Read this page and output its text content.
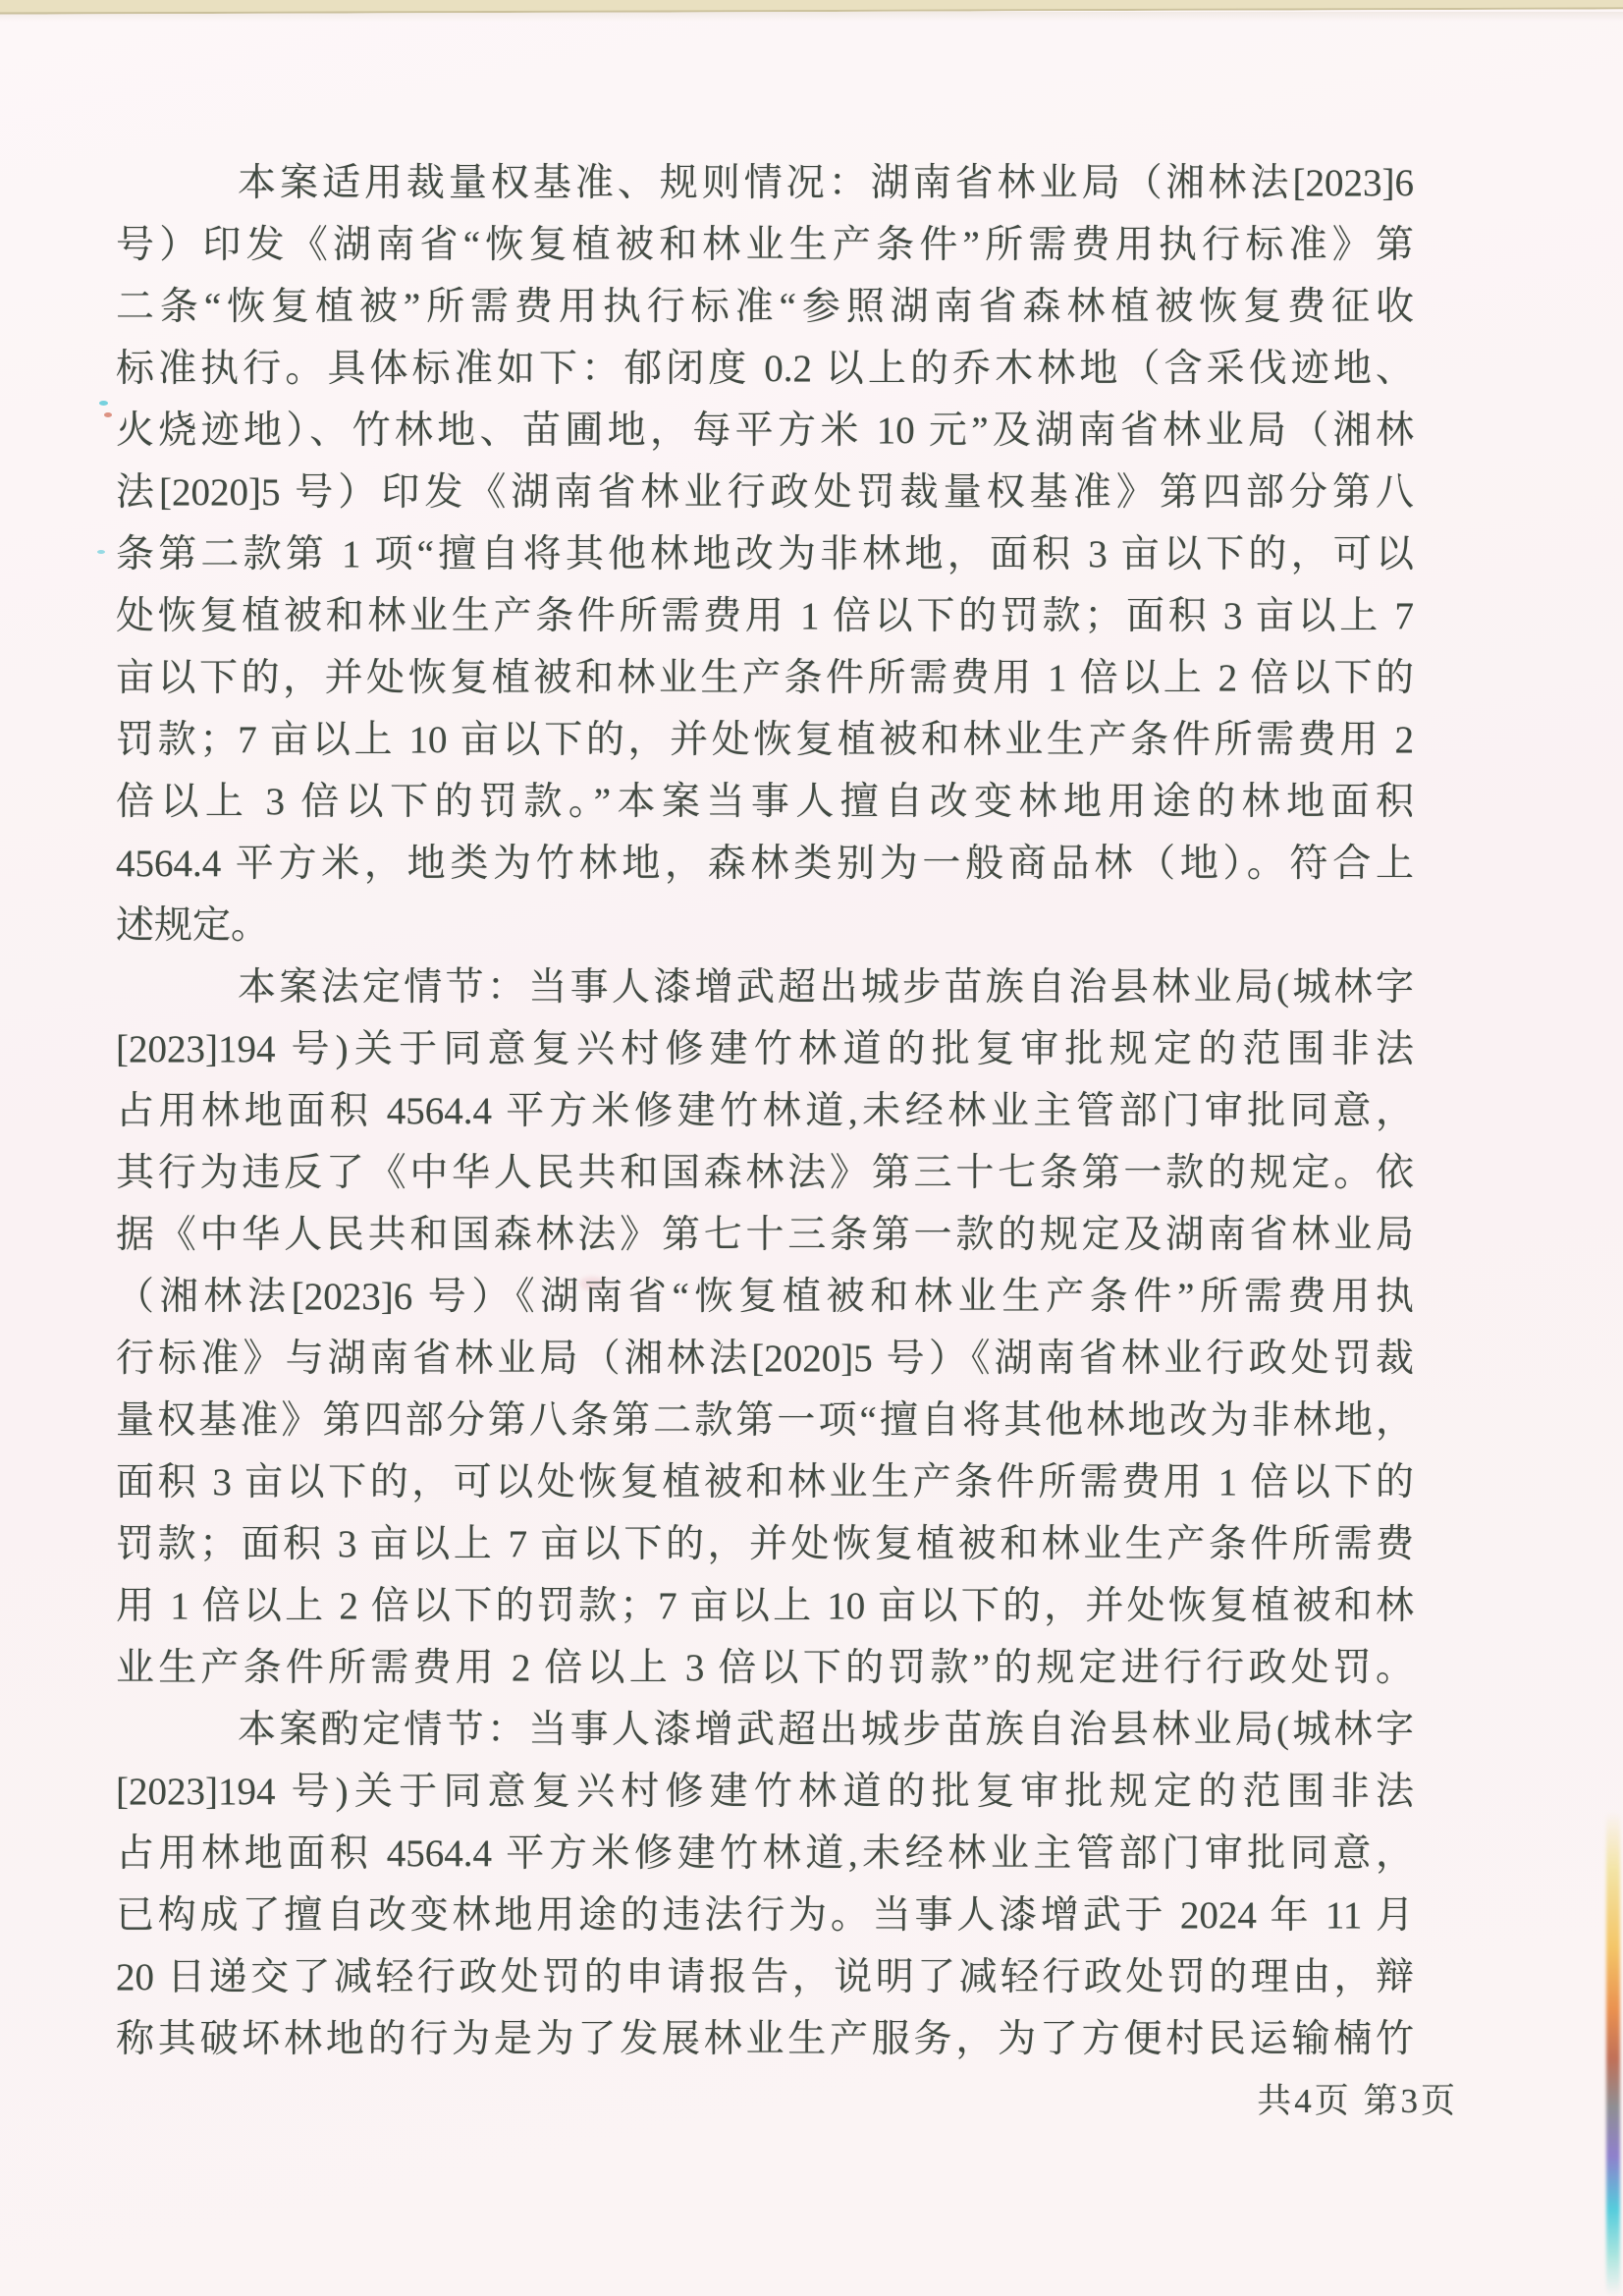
本案适用裁量权基准、规则情况：湖南省林业局（湘林法[2023]6
号）印发《湖南省“恢复植被和林业生产条件”所需费用执行标准》第
二条“恢复植被”所需费用执行标准“参照湖南省森林植被恢复费征收
标准执行。具体标准如下：郁闭度 0.2 以上的乔木林地（含采伐迹地、
火烧迹地）、竹林地、苗圃地，每平方米 10 元”及湖南省林业局（湘林
法[2020]5 号）印发《湖南省林业行政处罚裁量权基准》第四部分第八
条第二款第 1 项“擅自将其他林地改为非林地，面积 3 亩以下的，可以
处恢复植被和林业生产条件所需费用 1 倍以下的罚款；面积 3 亩以上 7
亩以下的，并处恢复植被和林业生产条件所需费用 1 倍以上 2 倍以下的
罚款；7 亩以上 10 亩以下的，并处恢复植被和林业生产条件所需费用 2
倍以上 3 倍以下的罚款。”本案当事人擅自改变林地用途的林地面积
4564.4 平方米，地类为竹林地，森林类别为一般商品林（地）。符合上
述规定。
本案法定情节：当事人漆增武超出城步苗族自治县林业局(城林字
[2023]194 号)关于同意复兴村修建竹林道的批复审批规定的范围非法
占用林地面积 4564.4 平方米修建竹林道,未经林业主管部门审批同意，
其行为违反了《中华人民共和国森林法》第三十七条第一款的规定。依
据《中华人民共和国森林法》第七十三条第一款的规定及湖南省林业局
（湘林法[2023]6 号）《湖南省“恢复植被和林业生产条件”所需费用执
行标准》与湖南省林业局（湘林法[2020]5 号）《湖南省林业行政处罚裁
量权基准》第四部分第八条第二款第一项“擅自将其他林地改为非林地，
面积 3 亩以下的，可以处恢复植被和林业生产条件所需费用 1 倍以下的
罚款；面积 3 亩以上 7 亩以下的，并处恢复植被和林业生产条件所需费
用 1 倍以上 2 倍以下的罚款；7 亩以上 10 亩以下的，并处恢复植被和林
业生产条件所需费用 2 倍以上 3 倍以下的罚款”的规定进行行政处罚。
本案酌定情节：当事人漆增武超出城步苗族自治县林业局(城林字
[2023]194 号)关于同意复兴村修建竹林道的批复审批规定的范围非法
占用林地面积 4564.4 平方米修建竹林道,未经林业主管部门审批同意，
已构成了擅自改变林地用途的违法行为。当事人漆增武于 2024 年 11 月
20 日递交了减轻行政处罚的申请报告，说明了减轻行政处罚的理由，辩
称其破坏林地的行为是为了发展林业生产服务，为了方便村民运输楠竹
共4页 第3页
